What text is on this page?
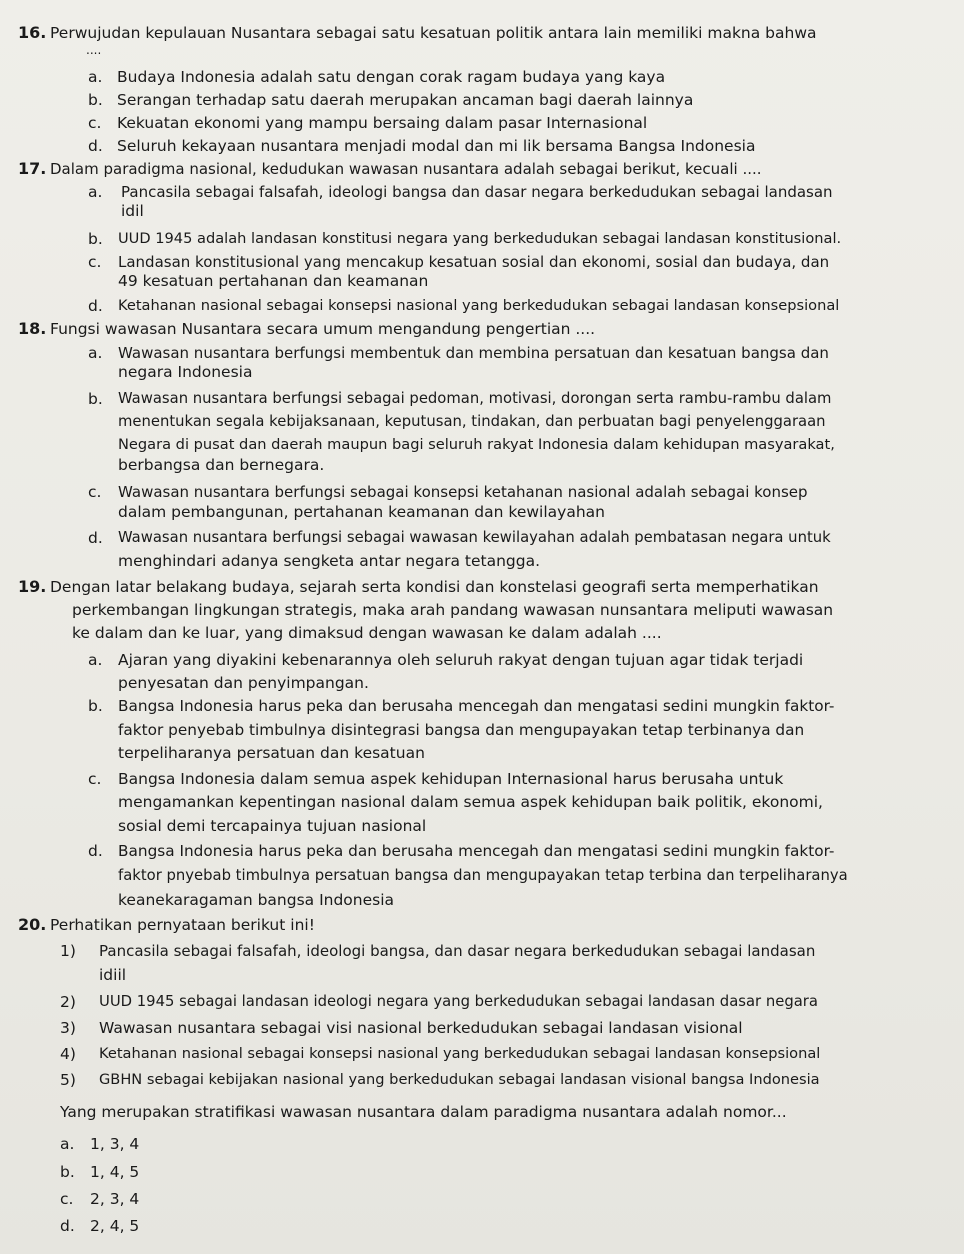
16. Perwujudan kepulauan Nusantara sebagai satu kesatuan politik antara lain memiliki makna bahwa
....
a. Budaya Indonesia adalah satu dengan corak ragam budaya yang kaya
b. Serangan terhadap satu daerah merupakan ancaman bagi daerah lainnya
c. Kekuatan ekonomi yang mampu bersaing dalam pasar Internasional
d. Seluruh kekayaan nusantara menjadi modal dan mi lik bersama Bangsa Indonesia
17. Dalam paradigma nasional, kedudukan wawasan nusantara adalah sebagai berikut, kecuali ....
a. Pancasila sebagai falsafah, ideologi bangsa dan dasar negara berkedudukan sebagai landasan
idil
b. UUD 1945 adalah landasan konstitusi negara yang berkedudukan sebagai landasan konstitusional.
c. Landasan konstitusional yang mencakup kesatuan sosial dan ekonomi, sosial dan budaya, dan
49 kesatuan pertahanan dan keamanan
d. Ketahanan nasional sebagai konsepsi nasional yang berkedudukan sebagai landasan konsepsional
18. Fungsi wawasan Nusantara secara umum mengandung pengertian ....
a. Wawasan nusantara berfungsi membentuk dan membina persatuan dan kesatuan bangsa dan
negara Indonesia
b. Wawasan nusantara berfungsi sebagai pedoman, motivasi, dorongan serta rambu-rambu dalam
menentukan segala kebijaksanaan, keputusan, tindakan, dan perbuatan bagi penyelenggaraan
Negara di pusat dan daerah maupun bagi seluruh rakyat Indonesia dalam kehidupan masyarakat,
berbangsa dan bernegara.
c. Wawasan nusantara berfungsi sebagai konsepsi ketahanan nasional adalah sebagai konsep
dalam pembangunan, pertahanan keamanan dan kewilayahan
d. Wawasan nusantara berfungsi sebagai wawasan kewilayahan adalah pembatasan negara untuk
menghindari adanya sengketa antar negara tetangga.
19. Dengan latar belakang budaya, sejarah serta kondisi dan konstelasi geografi serta memperhatikan
perkembangan lingkungan strategis, maka arah pandang wawasan nunsantara meliputi wawasan
ke dalam dan ke luar, yang dimaksud dengan wawasan ke dalam adalah ....
a. Ajaran yang diyakini kebenarannya oleh seluruh rakyat dengan tujuan agar tidak terjadi
penyesatan dan penyimpangan.
b. Bangsa Indonesia harus peka dan berusaha mencegah dan mengatasi sedini mungkin faktor-
faktor penyebab timbulnya disintegrasi bangsa dan mengupayakan tetap terbinanya dan
terpeliharanya persatuan dan kesatuan
c. Bangsa Indonesia dalam semua aspek kehidupan Internasional harus berusaha untuk
mengamankan kepentingan nasional dalam semua aspek kehidupan baik politik, ekonomi,
sosial demi tercapainya tujuan nasional
d. Bangsa Indonesia harus peka dan berusaha mencegah dan mengatasi sedini mungkin faktor-
faktor pnyebab timbulnya persatuan bangsa dan mengupayakan tetap terbina dan terpeliharanya
keanekaragaman bangsa Indonesia
20. Perhatikan pernyataan berikut ini!
1) Pancasila sebagai falsafah, ideologi bangsa, dan dasar negara berkedudukan sebagai landasan
idiil
2) UUD 1945 sebagai landasan ideologi negara yang berkedudukan sebagai landasan dasar negara
3) Wawasan nusantara sebagai visi nasional berkedudukan sebagai landasan visional
4) Ketahanan nasional sebagai konsepsi nasional yang berkedudukan sebagai landasan konsepsional
5) GBHN sebagai kebijakan nasional yang berkedudukan sebagai landasan visional bangsa Indonesia
Yang merupakan stratifikasi wawasan nusantara dalam paradigma nusantara adalah nomor...
a. 1, 3, 4
b. 1, 4, 5
c. 2, 3, 4
d. 2, 4, 5
